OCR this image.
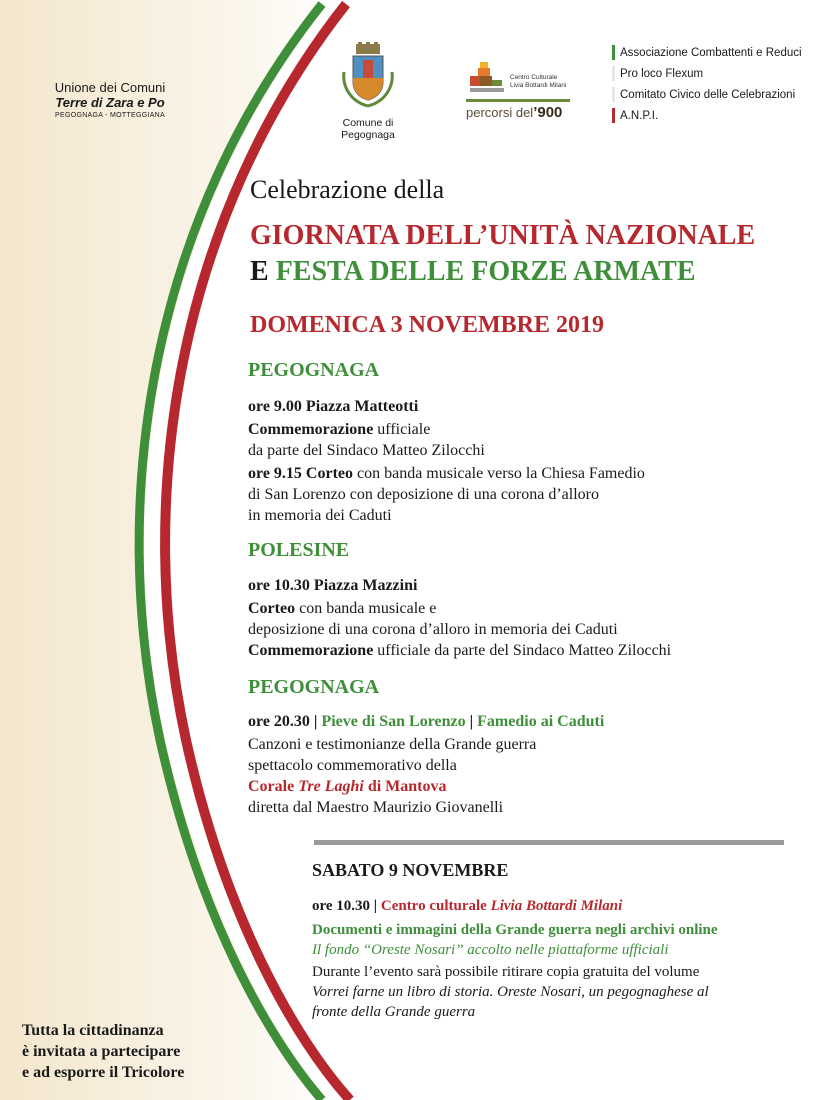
Unione dei Comuni
Terre di Zara e Po
PEGOGNAGA - MOTTEGGIANA
Comune di Pegognaga
Centro Culturale
Livia Bottardi Milani
percorsi del’900
Associazione Combattenti e Reduci
Pro loco Flexum
Comitato Civico delle Celebrazioni
A.N.P.I.
Celebrazione della
GIORNATA DELL’UNITÀ NAZIONALE
E FESTA DELLE FORZE ARMATE
DOMENICA 3 NOVEMBRE 2019
PEGOGNAGA
ore 9.00 Piazza Matteotti
Commemorazione ufficiale
da parte del Sindaco Matteo Zilocchi
ore 9.15 Corteo con banda musicale verso la Chiesa Famedio
di San Lorenzo con deposizione di una corona d’alloro
in memoria dei Caduti
POLESINE
ore 10.30 Piazza Mazzini
Corteo con banda musicale e
deposizione di una corona d’alloro in memoria dei Caduti
Commemorazione ufficiale da parte del Sindaco Matteo Zilocchi
PEGOGNAGA
ore 20.30 | Pieve di San Lorenzo | Famedio ai Caduti
Canzoni e testimonianze della Grande guerra
spettacolo commemorativo della
Corale Tre Laghi di Mantova
diretta dal Maestro Maurizio Giovanelli
SABATO 9 NOVEMBRE
ore 10.30 | Centro culturale Livia Bottardi Milani
Documenti e immagini della Grande guerra negli archivi online
Il fondo “Oreste Nosari” accolto nelle piattaforme ufficiali
Durante l’evento sarà possibile ritirare copia gratuita del volume
Vorrei farne un libro di storia. Oreste Nosari, un pegognaghese al
fronte della Grande guerra
Tutta la cittadinanza
è invitata a partecipare
e ad esporre il Tricolore
